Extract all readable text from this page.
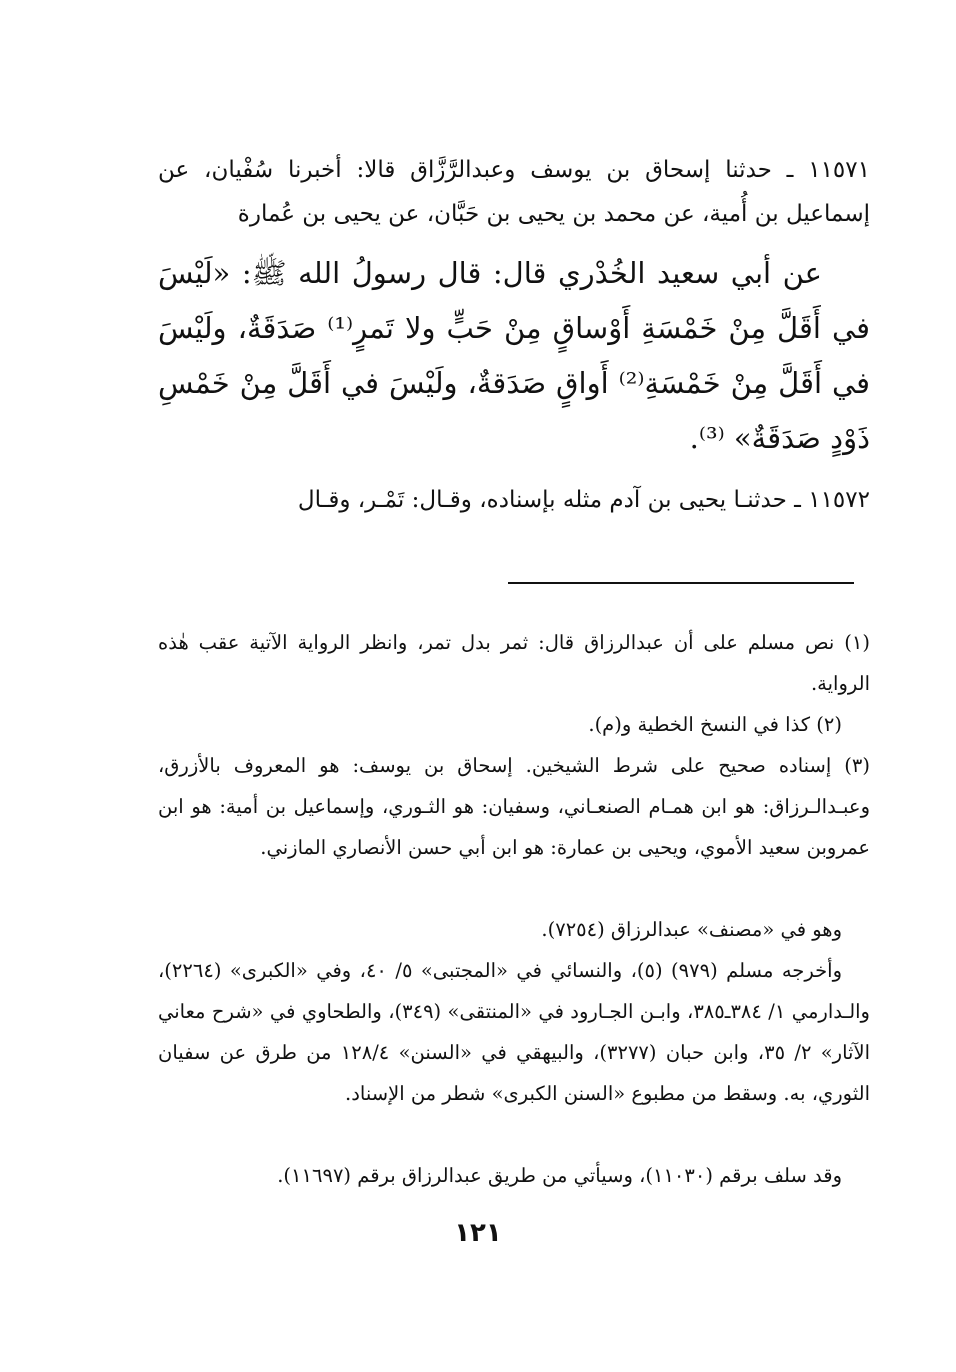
١١٥٧١ ـ حدثنا إسحاق بن يوسف وعبدالرَّزَّاق قالا: أخبرنا سُفْيان، عن إسماعيل بن أُمية، عن محمد بن يحيى بن حَبَّان، عن يحيى بن عُمارة

عن أبي سعيد الخُدْري قال: قال رسولُ الله ﷺ: «لَيْسَ في أَقَلَّ مِنْ خَمْسَةِ أَوْساقٍ مِنْ حَبٍّ ولا تَمرٍ⁽¹⁾ صَدَقَةٌ، ولَيْسَ في أَقَلَّ مِنْ خَمْسَةِ⁽²⁾ أَواقٍ صَدَقةٌ، ولَيْسَ في أَقَلَّ مِنْ خَمْسِ ذَوْدٍ صَدَقَةٌ» ⁽³⁾.

١١٥٧٢ ـ حدثنـا يحيى بن آدم مثله بإسناده، وقـال: تَمْـر، وقـال

(١) نص مسلم على أن عبدالرزاق قال: ثمر بدل تمر، وانظر الرواية الآتية عقب هٰذه الرواية.

(٢) كذا في النسخ الخطية و(م).

(٣) إسناده صحيح على شرط الشيخين. إسحاق بن يوسف: هو المعروف بالأزرق، وعبـدالـرزاق: هو ابن همـام الصنعـاني، وسفيان: هو الثـوري، وإسماعيل بن أمية: هو ابن عمروبن سعيد الأموي، ويحيى بن عمارة: هو ابن أبي حسن الأنصاري المازني.

وهو في «مصنف» عبدالرزاق (٧٢٥٤).

وأخرجه مسلم (٩٧٩) (٥)، والنسائي في «المجتبى» ٥/ ٤٠، وفي «الكبرى» (٢٢٦٤)، والـدارمي ١/ ٣٨٤ـ٣٨٥، وابـن الجـارود في «المنتقى» (٣٤٩)، والطحاوي في «شرح معاني الآثار» ٢/ ٣٥، وابن حبان (٣٢٧٧)، والبيهقي في «السنن» ١٢٨/٤ من طرق عن سفيان الثوري، به. وسقط من مطبوع «السنن الكبرى» شطر من الإسناد.

وقد سلف برقم (١١٠٣٠)، وسيأتي من طريق عبدالرزاق برقم (١١٦٩٧).

١٢١
